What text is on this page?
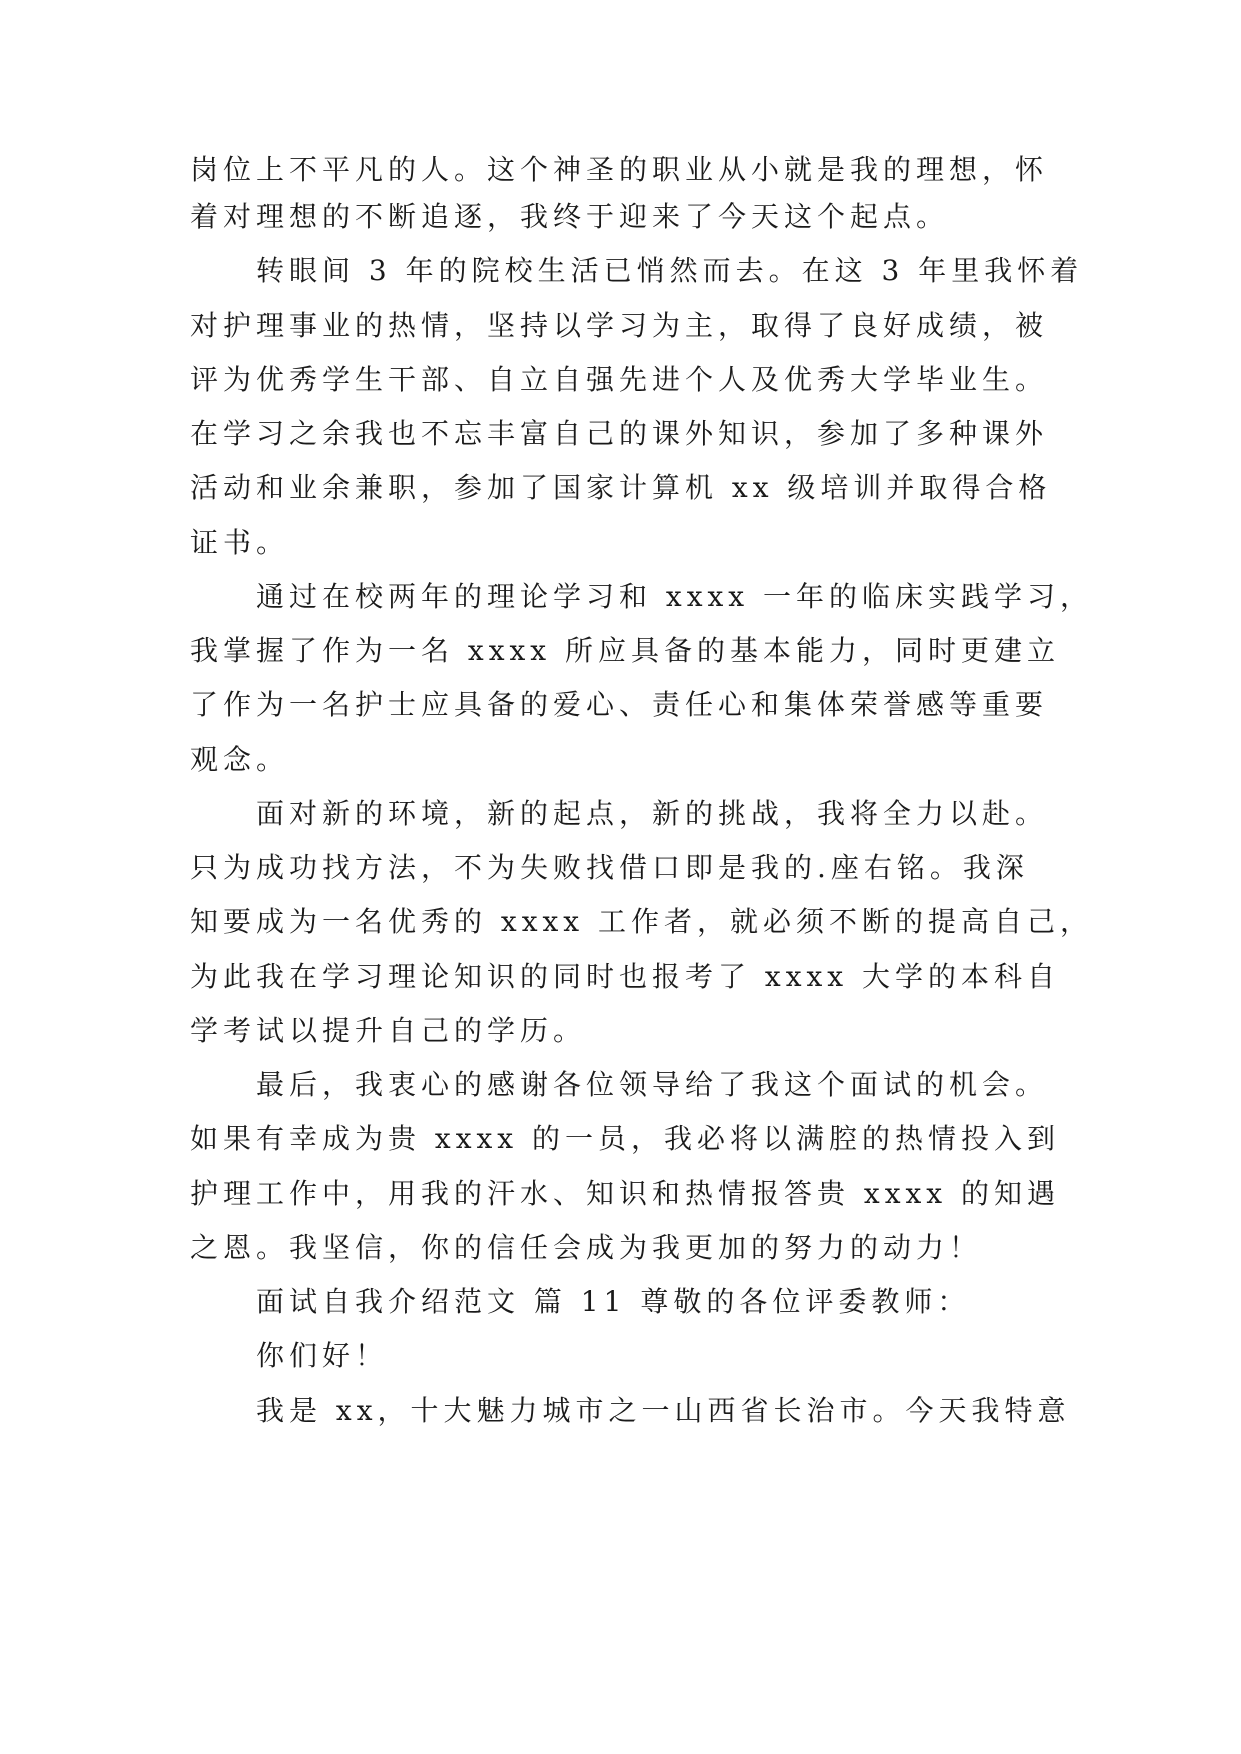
岗位上不平凡的人。这个神圣的职业从小就是我的理想，怀
着对理想的不断追逐，我终于迎来了今天这个起点。
转眼间 3 年的院校生活已悄然而去。在这 3 年里我怀着
对护理事业的热情，坚持以学习为主，取得了良好成绩，被
评为优秀学生干部、自立自强先进个人及优秀大学毕业生。
在学习之余我也不忘丰富自己的课外知识，参加了多种课外
活动和业余兼职，参加了国家计算机 xx 级培训并取得合格
证书。
通过在校两年的理论学习和 xxxx 一年的临床实践学习，
我掌握了作为一名 xxxx 所应具备的基本能力，同时更建立
了作为一名护士应具备的爱心、责任心和集体荣誉感等重要
观念。
面对新的环境，新的起点，新的挑战，我将全力以赴。
只为成功找方法，不为失败找借口即是我的.座右铭。我深
知要成为一名优秀的 xxxx 工作者，就必须不断的提高自己，
为此我在学习理论知识的同时也报考了 xxxx 大学的本科自
学考试以提升自己的学历。
最后，我衷心的感谢各位领导给了我这个面试的机会。
如果有幸成为贵 xxxx 的一员，我必将以满腔的热情投入到
护理工作中，用我的汗水、知识和热情报答贵 xxxx 的知遇
之恩。我坚信，你的信任会成为我更加的努力的动力！
面试自我介绍范文 篇 11 尊敬的各位评委教师：
你们好！
我是 xx，十大魅力城市之一山西省长治市。今天我特意
